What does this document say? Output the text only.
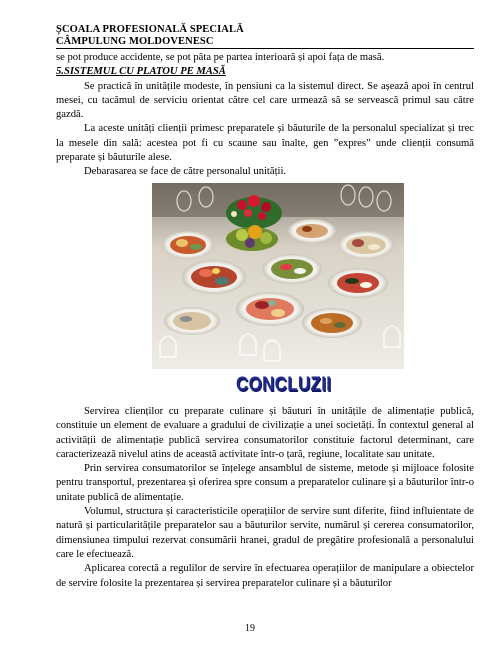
ȘCOALA PROFESIONALĂ SPECIALĂ
CÂMPULUNG MOLDOVENESC

se pot produce accidente, se pot păta pe partea interioară și apoi fața de masă.

5.SISTEMUL CU PLATOU PE MASĂ

Se practică în unitățile modeste, în pensiuni ca la sistemul direct. Se așează apoi în centrul mesei, cu tacâmul de serviciu orientat către cel care urmează să se servească primul sau către gazdă.

La aceste unități clienții primesc preparatele și băuturile de la personalul specializat și trec la mesele din sală: acestea pot fi cu scaune sau înalte, gen ”expres” unde clienții consumă preparate și băuturile alese.

Debarasarea se face de către personalul unității.

CONCLUZII

Servirea clienților cu preparate culinare și băuturi în unitățile de alimentație publică, constituie un element de evaluare a gradului de civilizație a unei societăți. În contextul general al activității de alimentație publică servirea consumatorilor constituie factorul determinant, care caracterizează nivelul atins de această activitate într-o țară, regiune, localitate sau unitate.

Prin servirea consumatorilor se înțelege ansamblul de sisteme, metode și mijloace folosite pentru transportul, prezentarea și oferirea spre consum a preparatelor culinare și a băuturilor într-o unitate publică de alimentație.

Volumul, structura și caracteristicile operațiilor de servire sunt diferite, fiind influientate de natură și particularitățile preparatelor sau a băuturilor servite, numărul și cererea consumatorilor, dimensiunea timpului rezervat consumării hranei, gradul de pregătire profesională a personalului care le efectuează.

Aplicarea corectă a regulilor de servire în efectuarea operațiilor de manipulare a obiectelor de servire folosite la prezentarea și servirea preparatelor culinare și a băuturilor

19
